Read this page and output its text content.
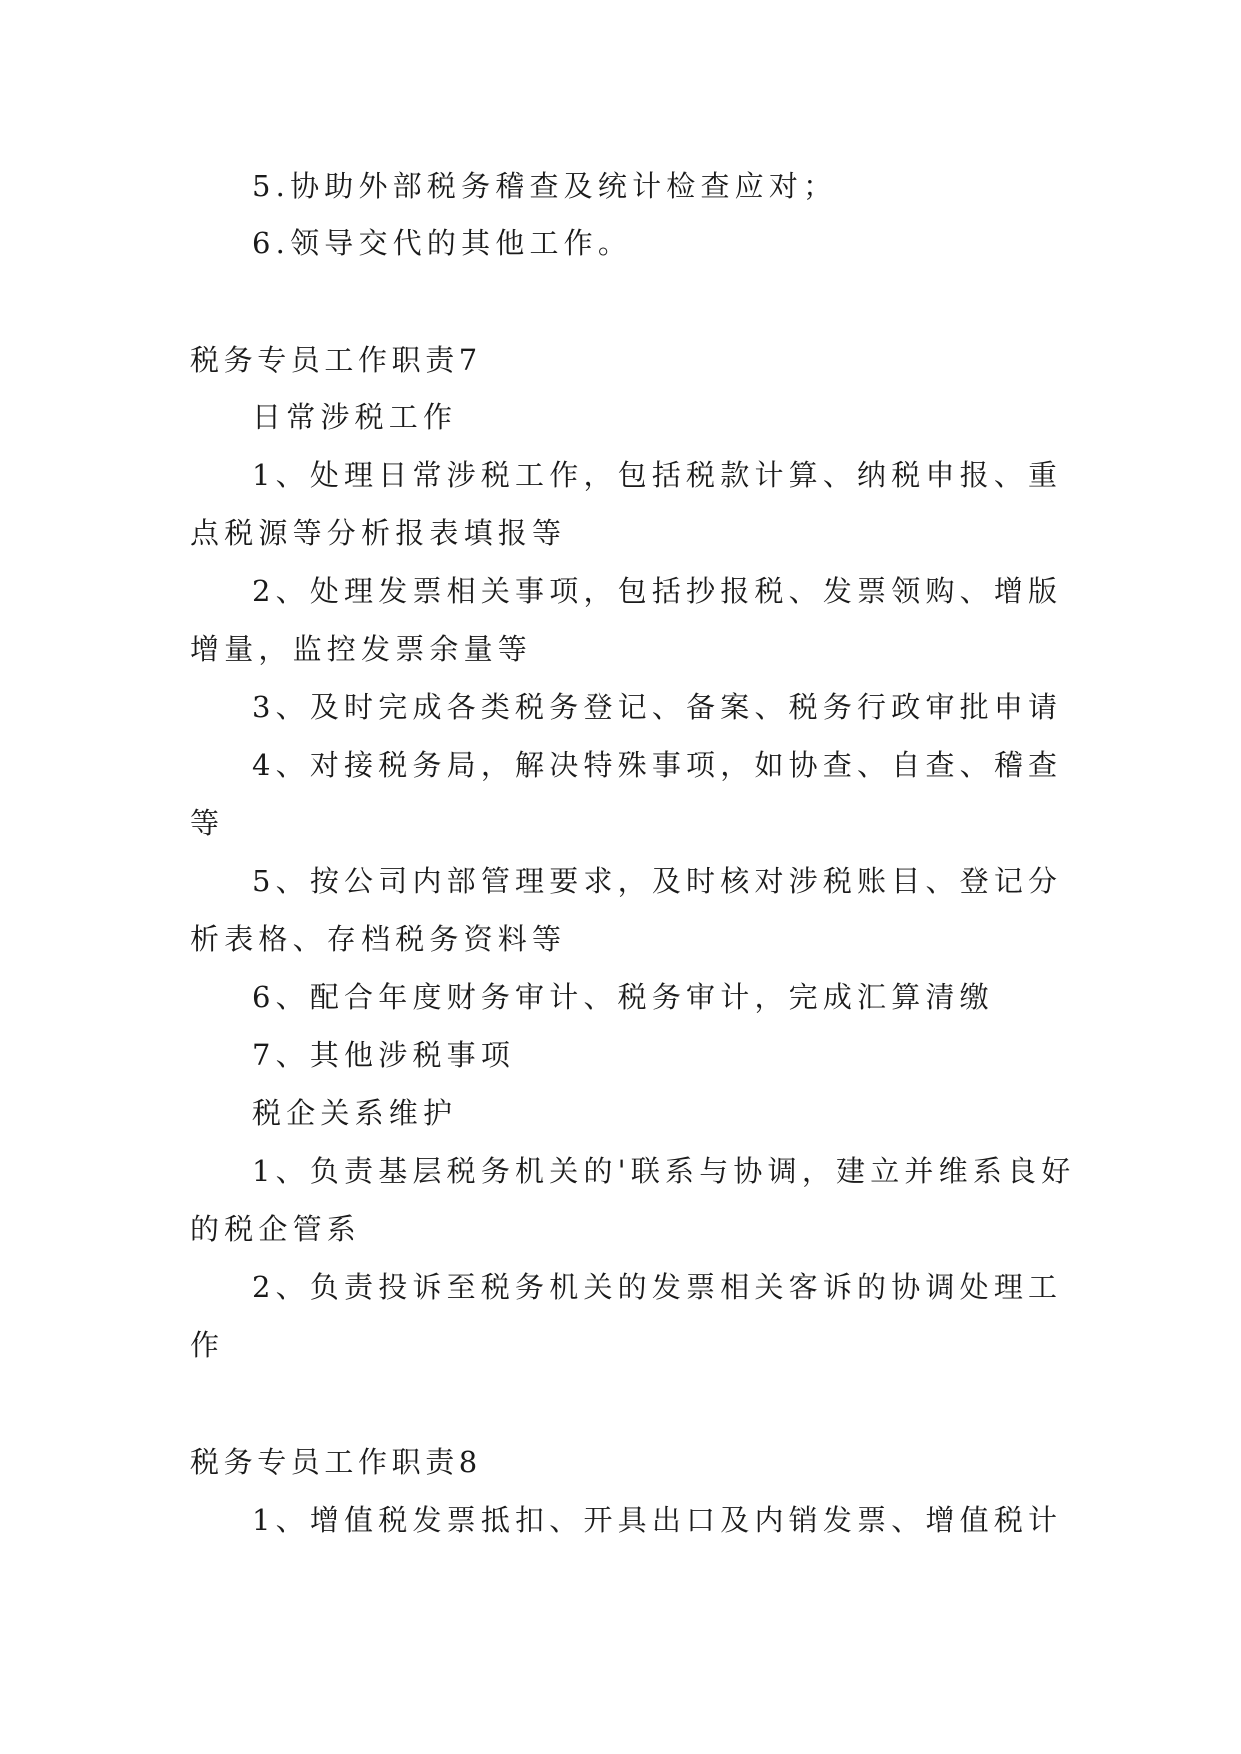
5.协助外部税务稽查及统计检查应对；

6.领导交代的其他工作。

税务专员工作职责7

日常涉税工作

1、处理日常涉税工作，包括税款计算、纳税申报、重

点税源等分析报表填报等

2、处理发票相关事项，包括抄报税、发票领购、增版

增量，监控发票余量等

3、及时完成各类税务登记、备案、税务行政审批申请

4、对接税务局，解决特殊事项，如协查、自查、稽查

等

5、按公司内部管理要求，及时核对涉税账目、登记分

析表格、存档税务资料等

6、配合年度财务审计、税务审计，完成汇算清缴

7、其他涉税事项

税企关系维护

1、负责基层税务机关的'联系与协调，建立并维系良好

的税企管系

2、负责投诉至税务机关的发票相关客诉的协调处理工

作

税务专员工作职责8

1、增值税发票抵扣、开具出口及内销发票、增值税计
